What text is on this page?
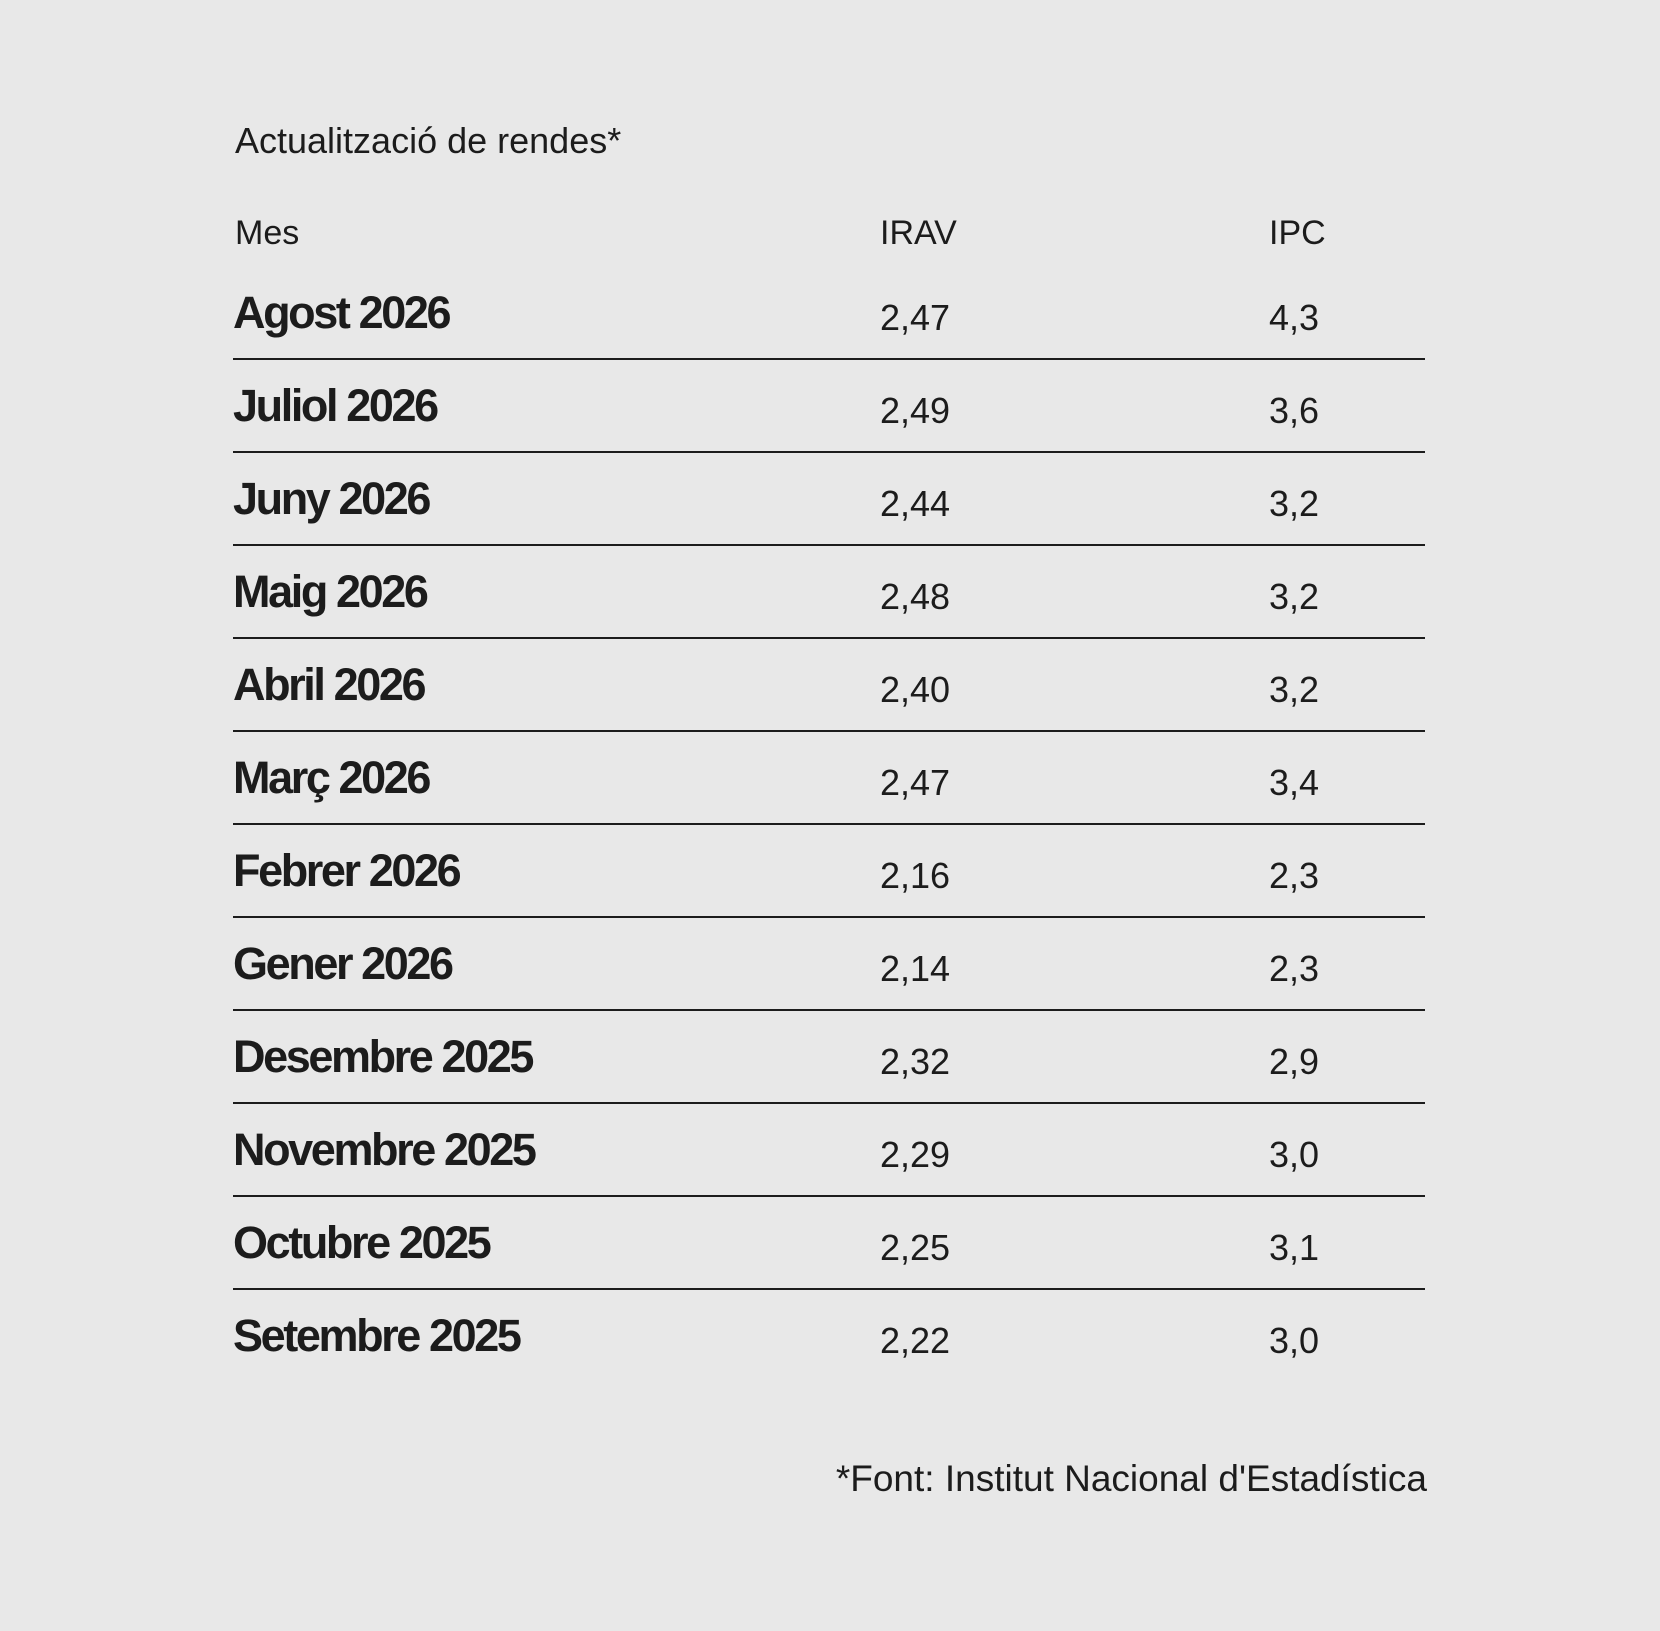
Actualització de rendes*
Mes	IRAV	IPC
Agost 2026	2,47	4,3
Juliol 2026	2,49	3,6
Juny 2026	2,44	3,2
Maig 2026	2,48	3,2
Abril 2026	2,40	3,2
Març 2026	2,47	3,4
Febrer 2026	2,16	2,3
Gener 2026	2,14	2,3
Desembre 2025	2,32	2,9
Novembre 2025	2,29	3,0
Octubre 2025	2,25	3,1
Setembre 2025	2,22	3,0
*Font: Institut Nacional d'Estadística
